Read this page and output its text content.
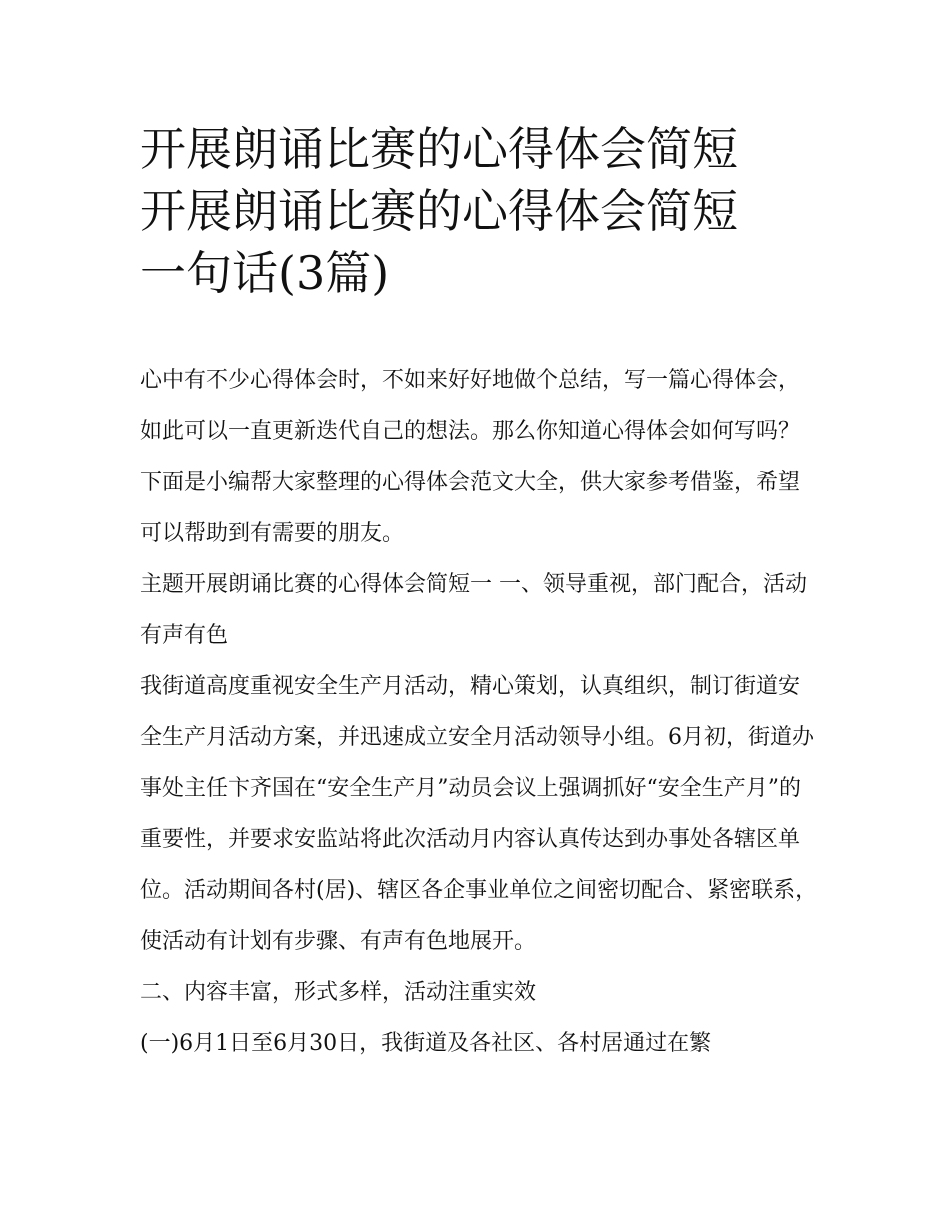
开展朗诵比赛的心得体会简短
开展朗诵比赛的心得体会简短
一句话(3篇)

心中有不少心得体会时，不如来好好地做个总结，写一篇心得体会，如此可以一直更新迭代自己的想法。那么你知道心得体会如何写吗？下面是小编帮大家整理的心得体会范文大全，供大家参考借鉴，希望可以帮助到有需要的朋友。

主题开展朗诵比赛的心得体会简短一 一、领导重视，部门配合，活动有声有色

我街道高度重视安全生产月活动，精心策划，认真组织，制订街道安全生产月活动方案，并迅速成立安全月活动领导小组。6月初，街道办事处主任卞齐国在“安全生产月”动员会议上强调抓好“安全生产月”的重要性，并要求安监站将此次活动月内容认真传达到办事处各辖区单位。活动期间各村(居)、辖区各企事业单位之间密切配合、紧密联系，使活动有计划有步骤、有声有色地展开。

二、内容丰富，形式多样，活动注重实效

(一)6月1日至6月30日，我街道及各社区、各村居通过在繁
